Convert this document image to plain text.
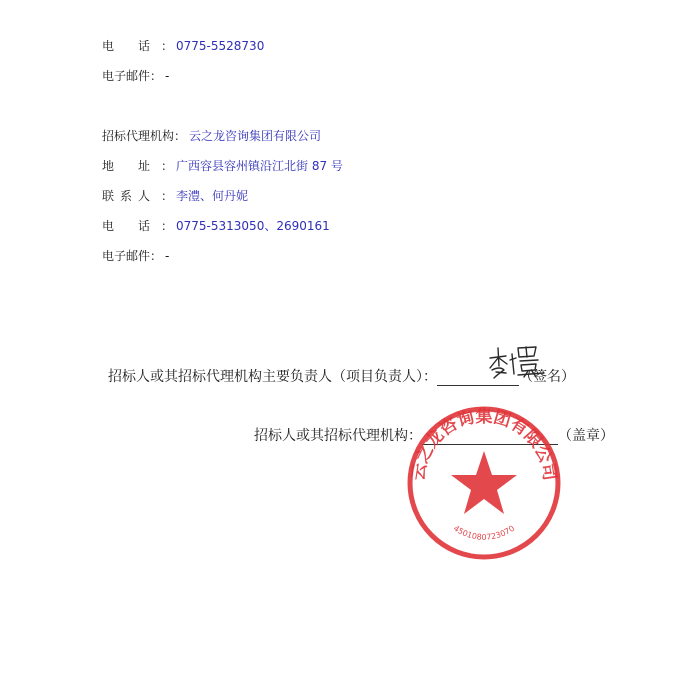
电 话 ： 0775-5528730
电子邮件： -
招标代理机构： 云之龙咨询集团有限公司
地 址 ： 广西容县容州镇沿江北街 87 号
联 系 人 ： 李澧、何丹妮
电 话 ： 0775-5313050、2690161
电子邮件： -
招标人或其招标代理机构主要负责人（项目负责人）：	（签名）
招标人或其招标代理机构：	（盖章）
云之龙咨询集团有限公司
4501080723070
